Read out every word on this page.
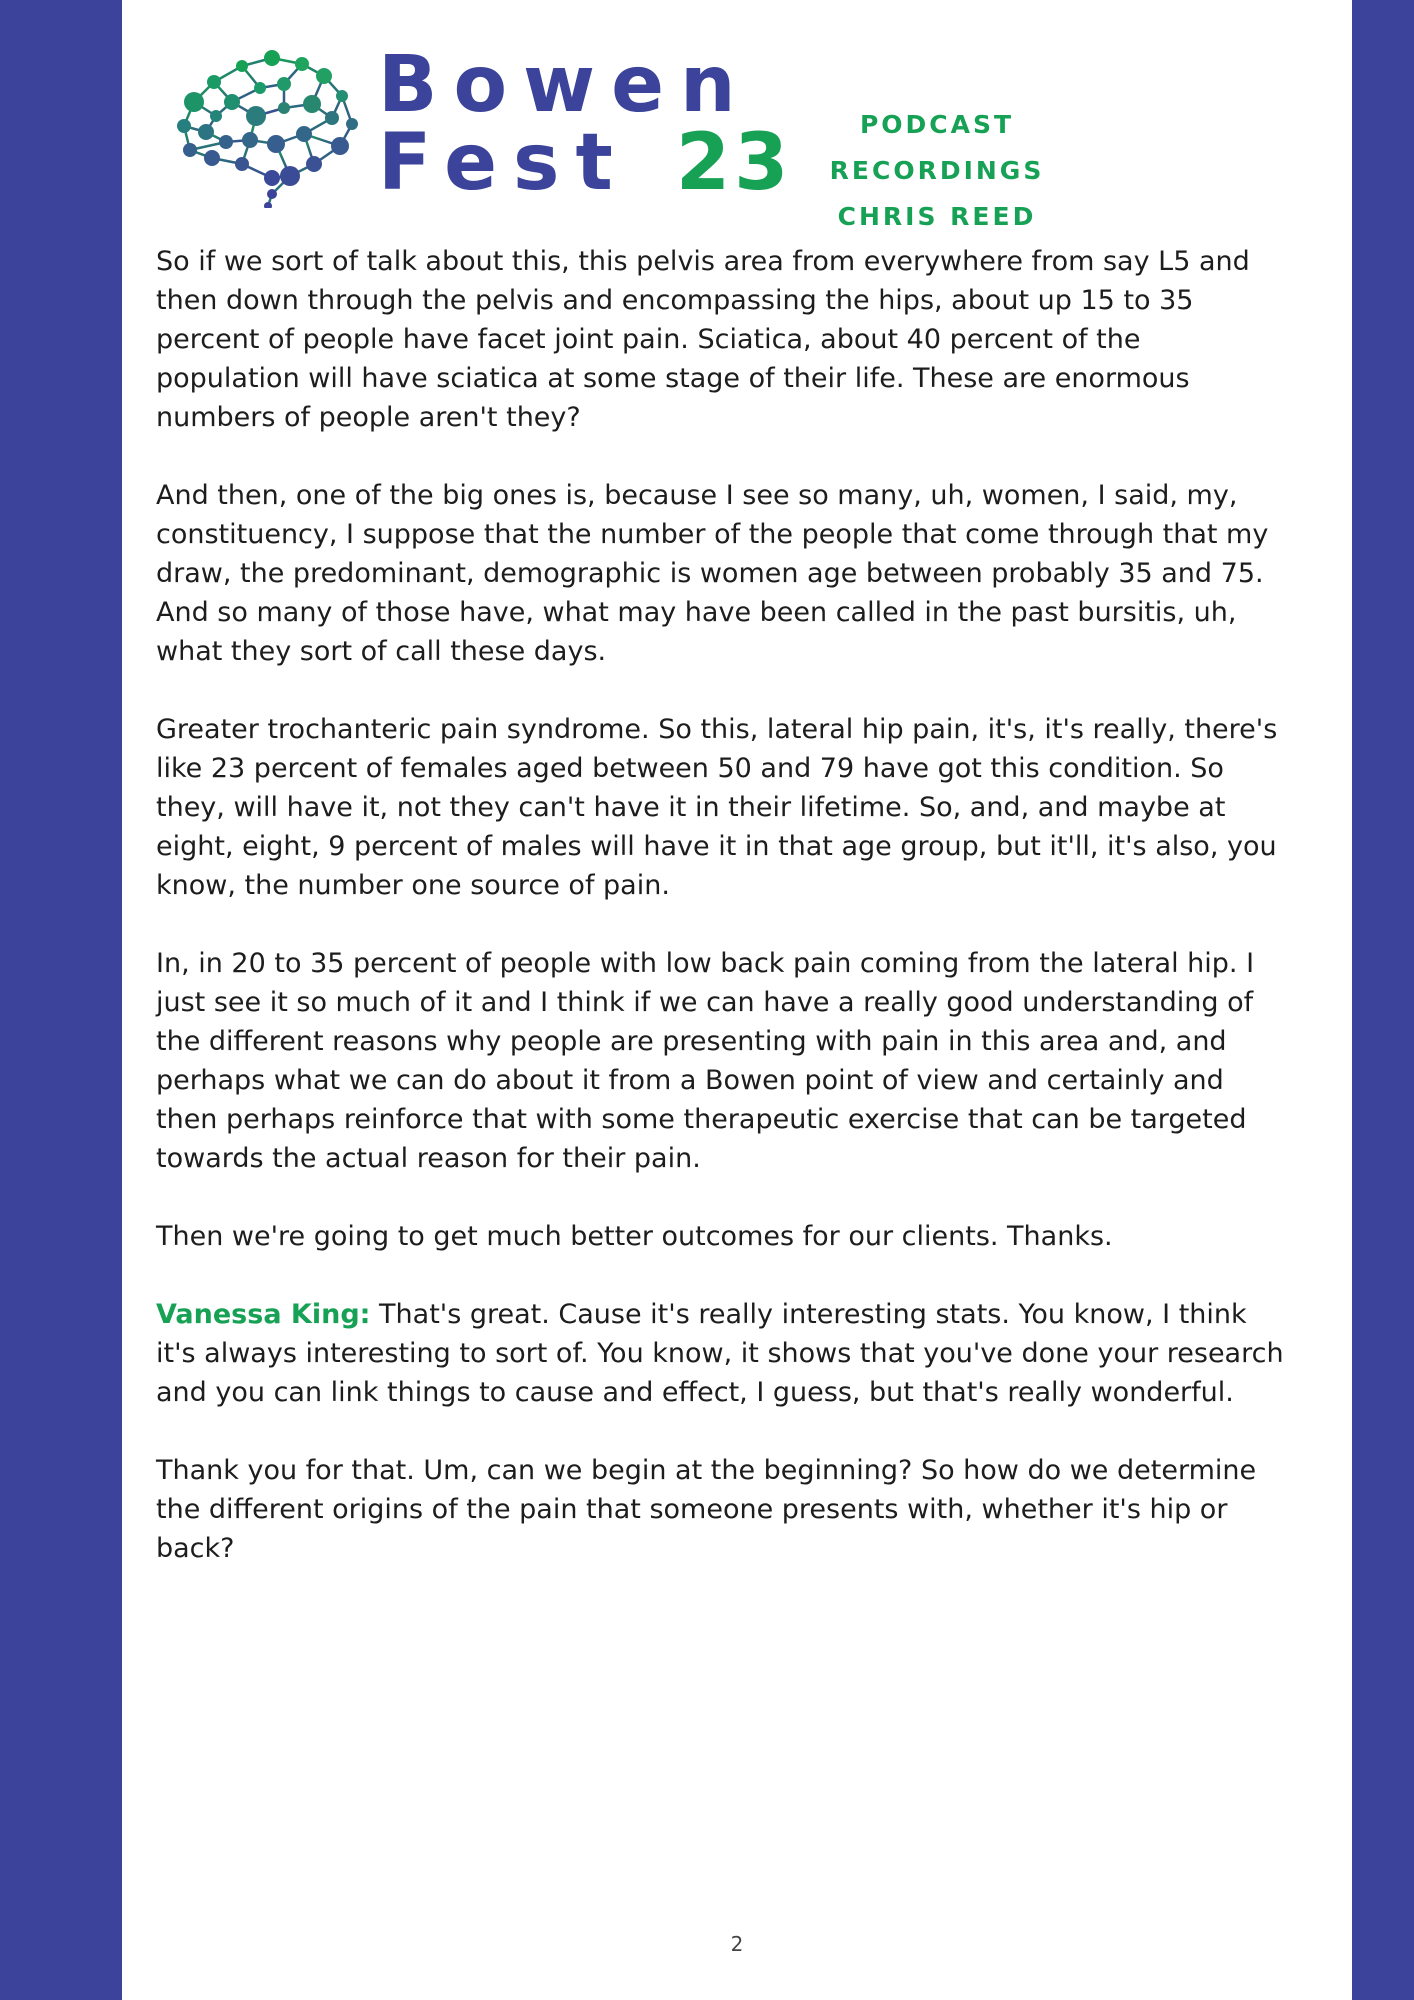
Bowen
Fest 23	PODCAST RECORDINGS
CHRIS REED

So if we sort of talk about this, this pelvis area from everywhere from say L5 and then down through the pelvis and encompassing the hips, about up 15 to 35 percent of people have facet joint pain. Sciatica, about 40 percent of the population will have sciatica at some stage of their life. These are enormous numbers of people aren't they?

And then, one of the big ones is, because I see so many, uh, women, I said, my, constituency, I suppose that the number of the people that come through that my draw, the predominant, demographic is women age between probably 35 and 75. And so many of those have, what may have been called in the past bursitis, uh, what they sort of call these days.

Greater trochanteric pain syndrome. So this, lateral hip pain, it's, it's really, there's like 23 percent of females aged between 50 and 79 have got this condition. So they, will have it, not they can't have it in their lifetime. So, and, and maybe at eight, eight, 9 percent of males will have it in that age group, but it'll, it's also, you know, the number one source of pain.

In, in 20 to 35 percent of people with low back pain coming from the lateral hip. I just see it so much of it and I think if we can have a really good understanding of the different reasons why people are presenting with pain in this area and, and perhaps what we can do about it from a Bowen point of view and certainly and then perhaps reinforce that with some therapeutic exercise that can be targeted towards the actual reason for their pain.

Then we're going to get much better outcomes for our clients. Thanks.

Vanessa King: That's great. Cause it's really interesting stats. You know, I think it's always interesting to sort of. You know, it shows that you've done your research and you can link things to cause and effect, I guess, but that's really wonderful.

Thank you for that. Um, can we begin at the beginning? So how do we determine the different origins of the pain that someone presents with, whether it's hip or back?

2
